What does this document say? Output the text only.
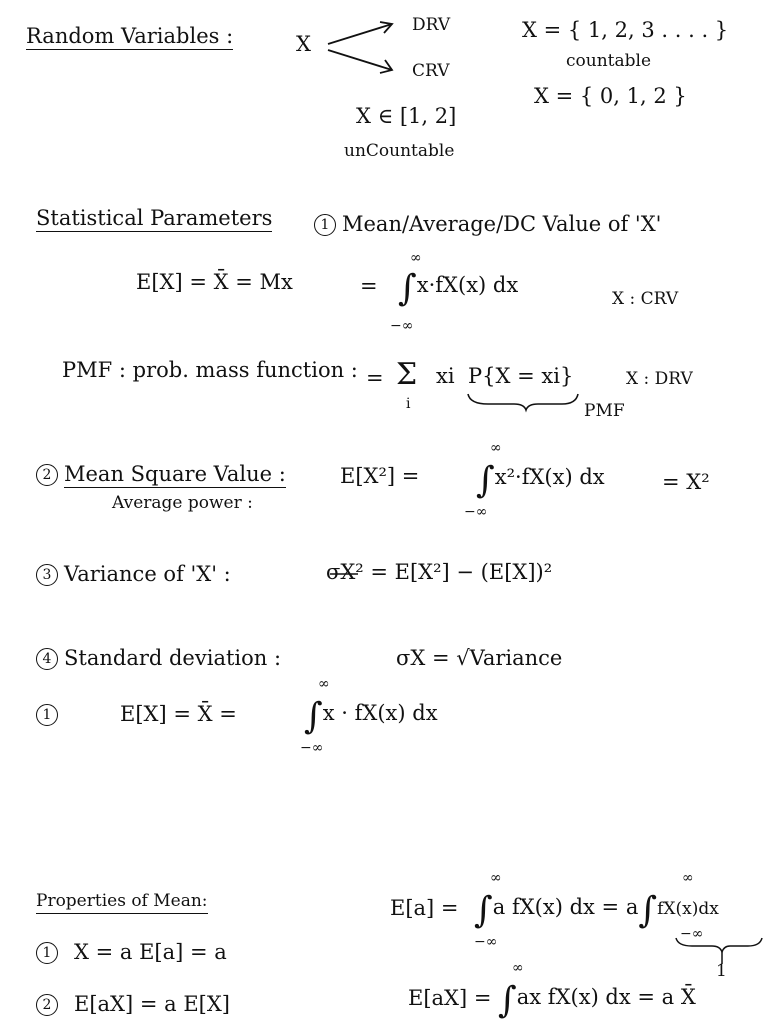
Random Variables :	X
DRV
CRV
X ∈ [1, 2]
unCountable
X = { 1, 2, 3 . . . . }
countable
X = { 0, 1, 2 }
Statistical Parameters	1 Mean/Average/DC Value of 'X'
E[X] = X̄ = Mx	= ∫x·fX(x) dx
∞
−∞
X : CRV
PMF : prob. mass function : = Σ
i
xi P{X = xi}
PMF
X : DRV
2 Mean Square Value :
Average power :
E[X²] = ∫x²·fX(x) dx
∞
−∞
= X²
3 Variance of 'X' :	σX² = E[X²] − (E[X])²
4 Standard deviation :	σX = √Variance
1	E[X] = X̄ = ∫x · fX(x) dx
∞
−∞
Properties of Mean:
1 X = a E[a] = a
2 E[aX] = a E[X]
E[a] = ∫a fX(x) dx = a∫fX(x)dx
∞
−∞
∞
−∞
1
E[aX] = ∫ax fX(x) dx = a X̄
∞
